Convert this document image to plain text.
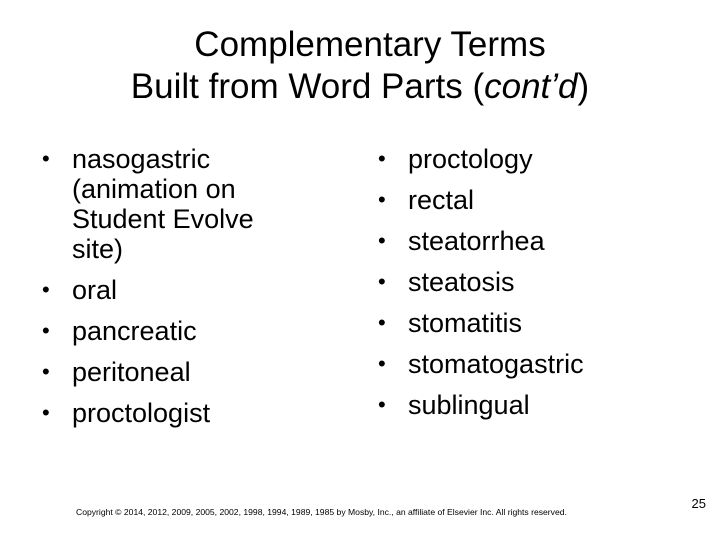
Complementary Terms
Built from Word Parts (cont’d)
• nasogastric (animation on Student Evolve site)
• oral
• pancreatic
• peritoneal
• proctologist
• proctology
• rectal
• steatorrhea
• steatosis
• stomatitis
• stomatogastric
• sublingual
Copyright © 2014, 2012, 2009, 2005, 2002, 1998, 1994, 1989, 1985 by Mosby, Inc., an affiliate of Elsevier Inc. All rights reserved.
25
